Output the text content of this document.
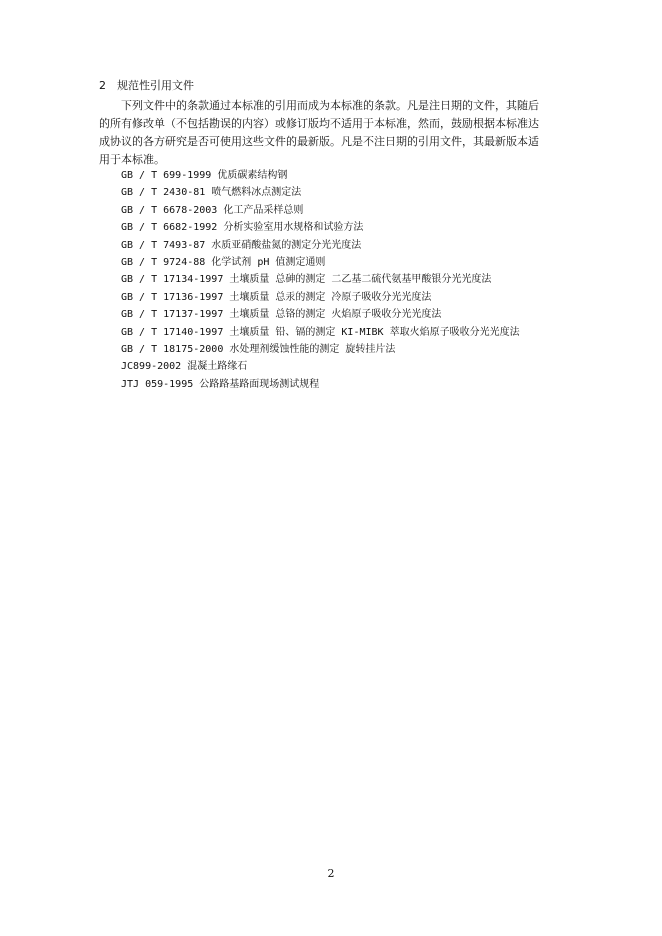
2 规范性引用文件
下列文件中的条款通过本标准的引用而成为本标准的条款。凡是注日期的文件，其随后
的所有修改单（不包括勘误的内容）或修订版均不适用于本标准，然而，鼓励根据本标准达
成协议的各方研究是否可使用这些文件的最新版。凡是不注日期的引用文件，其最新版本适
用于本标准。
GB / T 699-1999 优质碳素结构钢
GB / T 2430-81 喷气燃料冰点测定法
GB / T 6678-2003 化工产品采样总则
GB / T 6682-1992 分析实验室用水规格和试验方法
GB / T 7493-87 水质亚硝酸盐氮的测定分光光度法
GB / T 9724-88 化学试剂 pH 值测定通则
GB / T 17134-1997 土壤质量 总砷的测定 二乙基二硫代氨基甲酸银分光光度法
GB / T 17136-1997 土壤质量 总汞的测定 冷原子吸收分光光度法
GB / T 17137-1997 土壤质量 总铬的测定 火焰原子吸收分光光度法
GB / T 17140-1997 土壤质量 铅、镉的测定 KI-MIBK 萃取火焰原子吸收分光光度法
GB / T 18175-2000 水处理剂缓蚀性能的测定 旋转挂片法
JC899-2002 混凝土路缘石
JTJ 059-1995 公路路基路面现场测试规程
2
